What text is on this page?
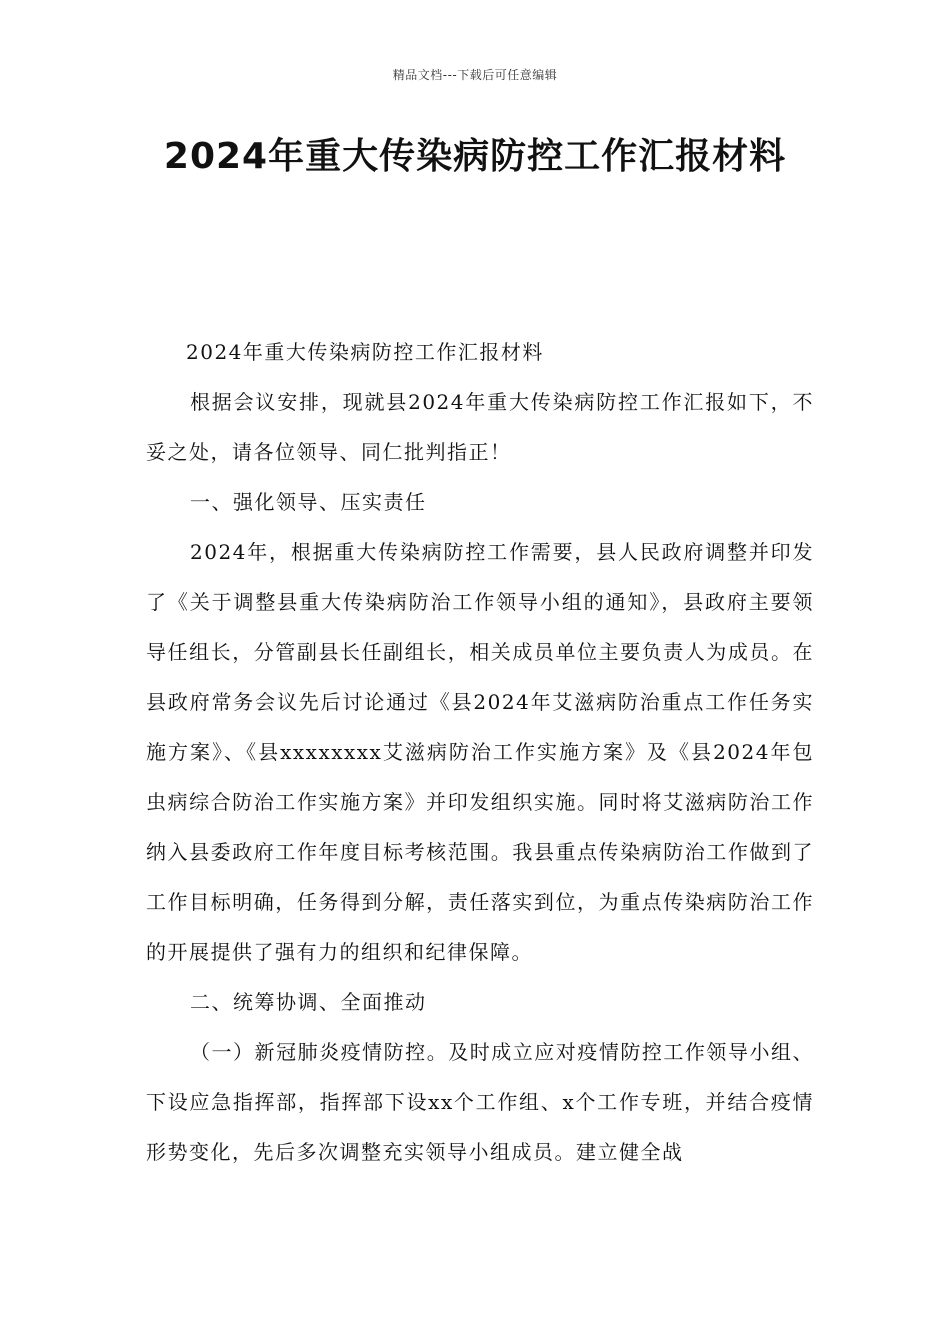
精品文档---下载后可任意编辑
2024年重大传染病防控工作汇报材料

2024年重大传染病防控工作汇报材料

根据会议安排，现就县2024年重大传染病防控工作汇报如下，不妥之处，请各位领导、同仁批判指正！

一、强化领导、压实责任

2024年，根据重大传染病防控工作需要，县人民政府调整并印发了《关于调整县重大传染病防治工作领导小组的通知》，县政府主要领导任组长，分管副县长任副组长，相关成员单位主要负责人为成员。在县政府常务会议先后讨论通过《县2024年艾滋病防治重点工作任务实施方案》、《县xxxxxxxx艾滋病防治工作实施方案》及《县2024年包虫病综合防治工作实施方案》并印发组织实施。同时将艾滋病防治工作纳入县委政府工作年度目标考核范围。我县重点传染病防治工作做到了工作目标明确，任务得到分解，责任落实到位，为重点传染病防治工作的开展提供了强有力的组织和纪律保障。

二、统筹协调、全面推动

（一）新冠肺炎疫情防控。及时成立应对疫情防控工作领导小组、下设应急指挥部，指挥部下设xx个工作组、x个工作专班，并结合疫情形势变化，先后多次调整充实领导小组成员。建立健全战
